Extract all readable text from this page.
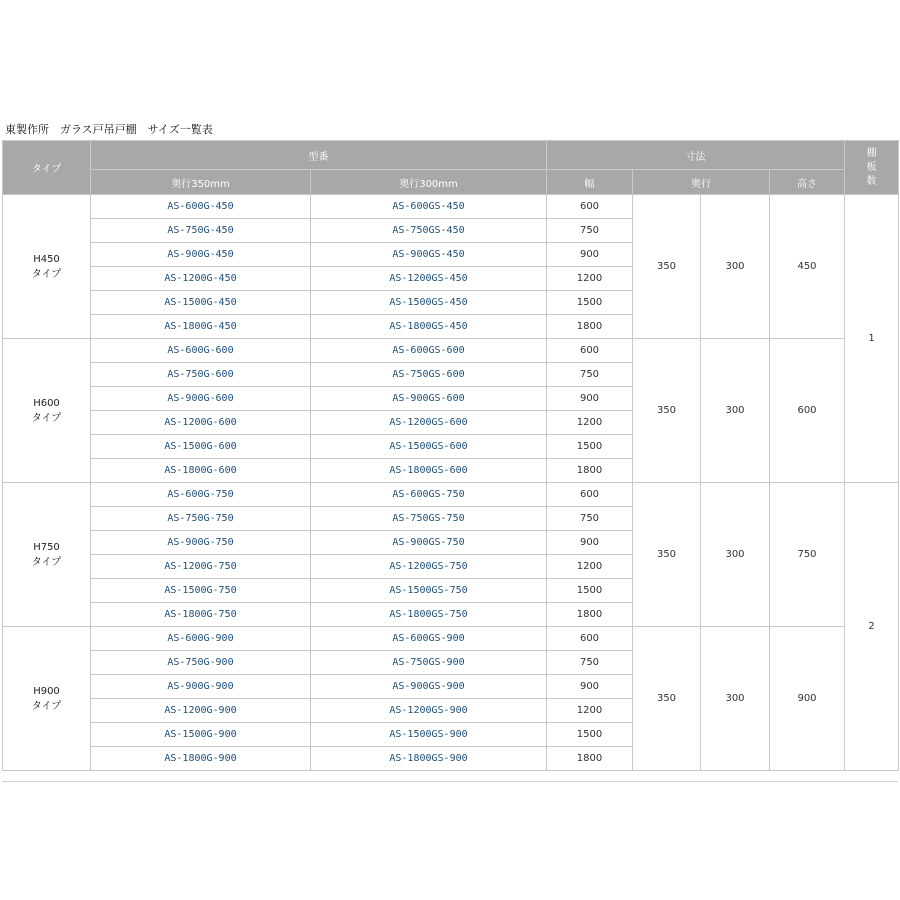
東製作所　ガラス戸吊戸棚　サイズ一覧表
タイプ	型番		寸法				棚板数
	奥行350mm	奥行300mm	幅	奥行		高さ	

H450
タイプ	AS-600G-450	AS-600GS-450	600	350	300	450	1
	AS-750G-450	AS-750GS-450	750				
	AS-900G-450	AS-900GS-450	900				
	AS-1200G-450	AS-1200GS-450	1200				
	AS-1500G-450	AS-1500GS-450	1500				
	AS-1800G-450	AS-1800GS-450	1800				

H600
タイプ	AS-600G-600	AS-600GS-600	600	350	300	600	
	AS-750G-600	AS-750GS-600	750				
	AS-900G-600	AS-900GS-600	900				
	AS-1200G-600	AS-1200GS-600	1200				
	AS-1500G-600	AS-1500GS-600	1500				
	AS-1800G-600	AS-1800GS-600	1800				

H750
タイプ	AS-600G-750	AS-600GS-750	600	350	300	750	2
	AS-750G-750	AS-750GS-750	750				
	AS-900G-750	AS-900GS-750	900				
	AS-1200G-750	AS-1200GS-750	1200				
	AS-1500G-750	AS-1500GS-750	1500				
	AS-1800G-750	AS-1800GS-750	1800				

H900
タイプ	AS-600G-900	AS-600GS-900	600	350	300	900	
	AS-750G-900	AS-750GS-900	750				
	AS-900G-900	AS-900GS-900	900				
	AS-1200G-900	AS-1200GS-900	1200				
	AS-1500G-900	AS-1500GS-900	1500				
	AS-1800G-900	AS-1800GS-900	1800				
